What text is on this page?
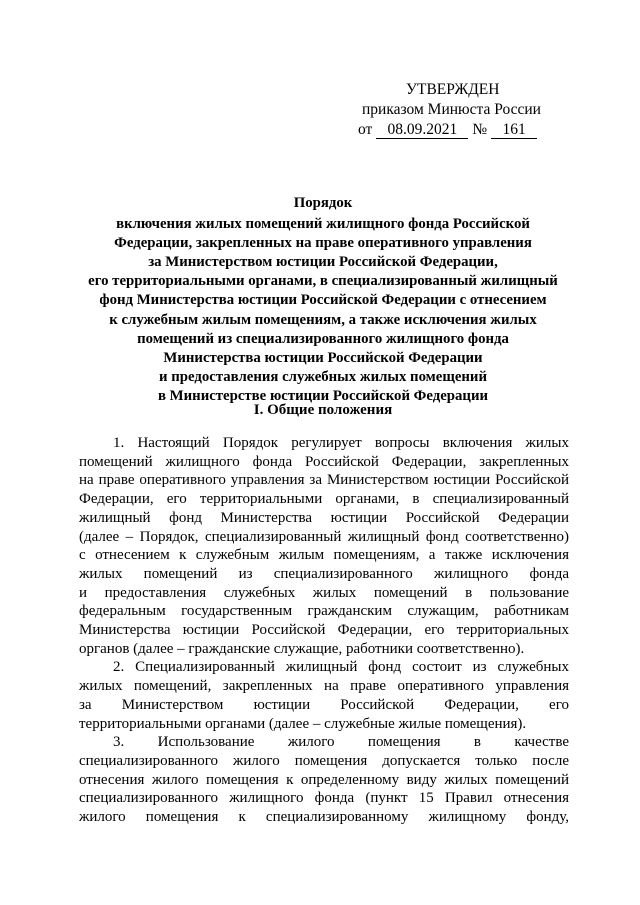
УТВЕРЖДЕН
приказом Минюста России
от 08.09.2021 № 161
Порядок
включения жилых помещений жилищного фонда Российской
Федерации, закрепленных на праве оперативного управления
за Министерством юстиции Российской Федерации,
его территориальными органами, в специализированный жилищный
фонд Министерства юстиции Российской Федерации с отнесением
к служебным жилым помещениям, а также исключения жилых
помещений из специализированного жилищного фонда
Министерства юстиции Российской Федерации
и предоставления служебных жилых помещений
в Министерстве юстиции Российской Федерации
I. Общие положения
1. Настоящий Порядок регулирует вопросы включения жилых
помещений жилищного фонда Российской Федерации, закрепленных
на праве оперативного управления за Министерством юстиции Российской
Федерации, его территориальными органами, в специализированный
жилищный фонд Министерства юстиции Российской Федерации
(далее – Порядок, специализированный жилищный фонд соответственно)
с отнесением к служебным жилым помещениям, а также исключения
жилых помещений из специализированного жилищного фонда
и предоставления служебных жилых помещений в пользование
федеральным государственным гражданским служащим, работникам
Министерства юстиции Российской Федерации, его территориальных
органов (далее – гражданские служащие, работники соответственно).
2. Специализированный жилищный фонд состоит из служебных
жилых помещений, закрепленных на праве оперативного управления
за Министерством юстиции Российской Федерации, его
территориальными органами (далее – служебные жилые помещения).
3. Использование жилого помещения в качестве
специализированного жилого помещения допускается только после
отнесения жилого помещения к определенному виду жилых помещений
специализированного жилищного фонда (пункт 15 Правил отнесения
жилого помещения к специализированному жилищному фонду,
